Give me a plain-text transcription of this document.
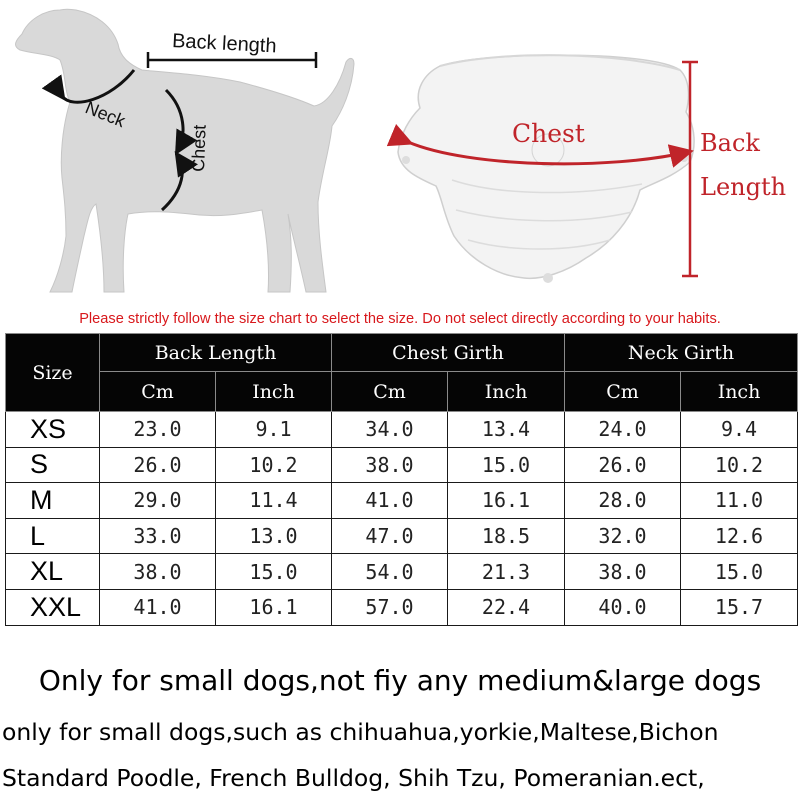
Back length
Neck
Chest	Chest	Back
Length
Please strictly follow the size chart to select the size. Do not select directly according to your habits.
Size	Back Length		Chest Girth		Neck Girth	
	Cm	Inch	Cm	Inch	Cm	Inch
XS	23.0	9.1	34.0	13.4	24.0	9.4
S	26.0	10.2	38.0	15.0	26.0	10.2
M	29.0	11.4	41.0	16.1	28.0	11.0
L	33.0	13.0	47.0	18.5	32.0	12.6
XL	38.0	15.0	54.0	21.3	38.0	15.0
XXL	41.0	16.1	57.0	22.4	40.0	15.7
Only for small dogs,not fiy any medium&large dogs
only for small dogs,such as chihuahua,yorkie,Maltese,Bichon
Standard Poodle, French Bulldog, Shih Tzu, Pomeranian.ect,
